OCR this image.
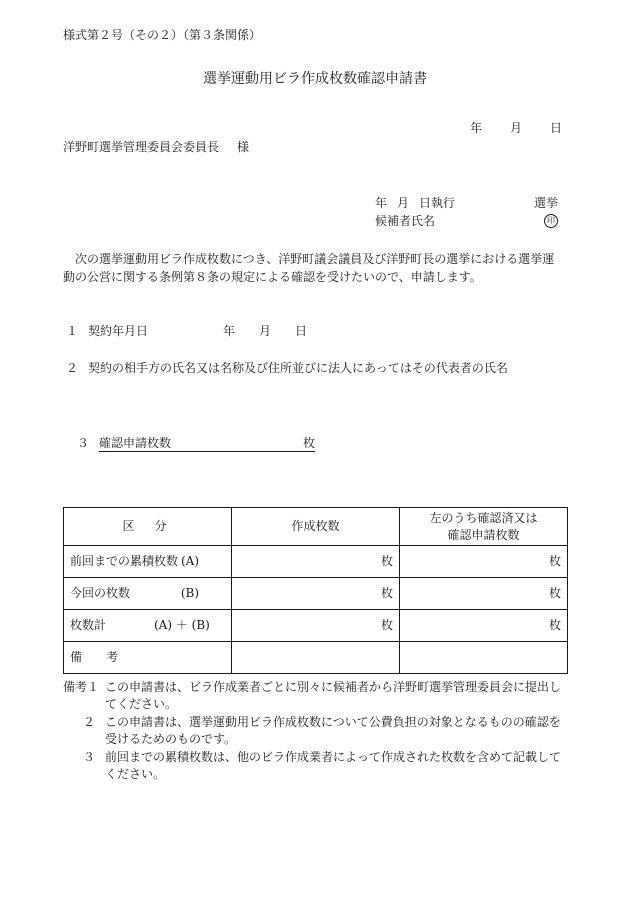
様式第２号（その２）（第３条関係）
選挙運動用ビラ作成枚数確認申請書
年 月 日
洋野町選挙管理委員会委員長 様
年 月 日執行	選挙
候補者氏名	印
次の選挙運動用ビラ作成枚数につき、洋野町議会議員及び洋野町長の選挙における選挙運動の公営に関する条例第８条の規定による確認を受けたいので、申請します。
１ 契約年月日	年 月 日
２ 契約の相手方の氏名又は名称及び住所並びに法人にあってはその代表者の氏名
３ 確認申請枚数	枚
区分	作成枚数	左のうち確認済又は
確認申請枚数

前回までの累積枚数 (A)	枚	枚

今回の枚数 (B)	枚	枚

枚数計 (A) ＋ (B)	枚	枚
備考		
備考１ この申請書は、ビラ作成業者ごとに別々に候補者から洋野町選挙管理委員会に提出してください。
２ この申請書は、選挙運動用ビラ作成枚数について公費負担の対象となるものの確認を受けるためのものです。
３ 前回までの累積枚数は、他のビラ作成業者によって作成された枚数を含めて記載してください。
